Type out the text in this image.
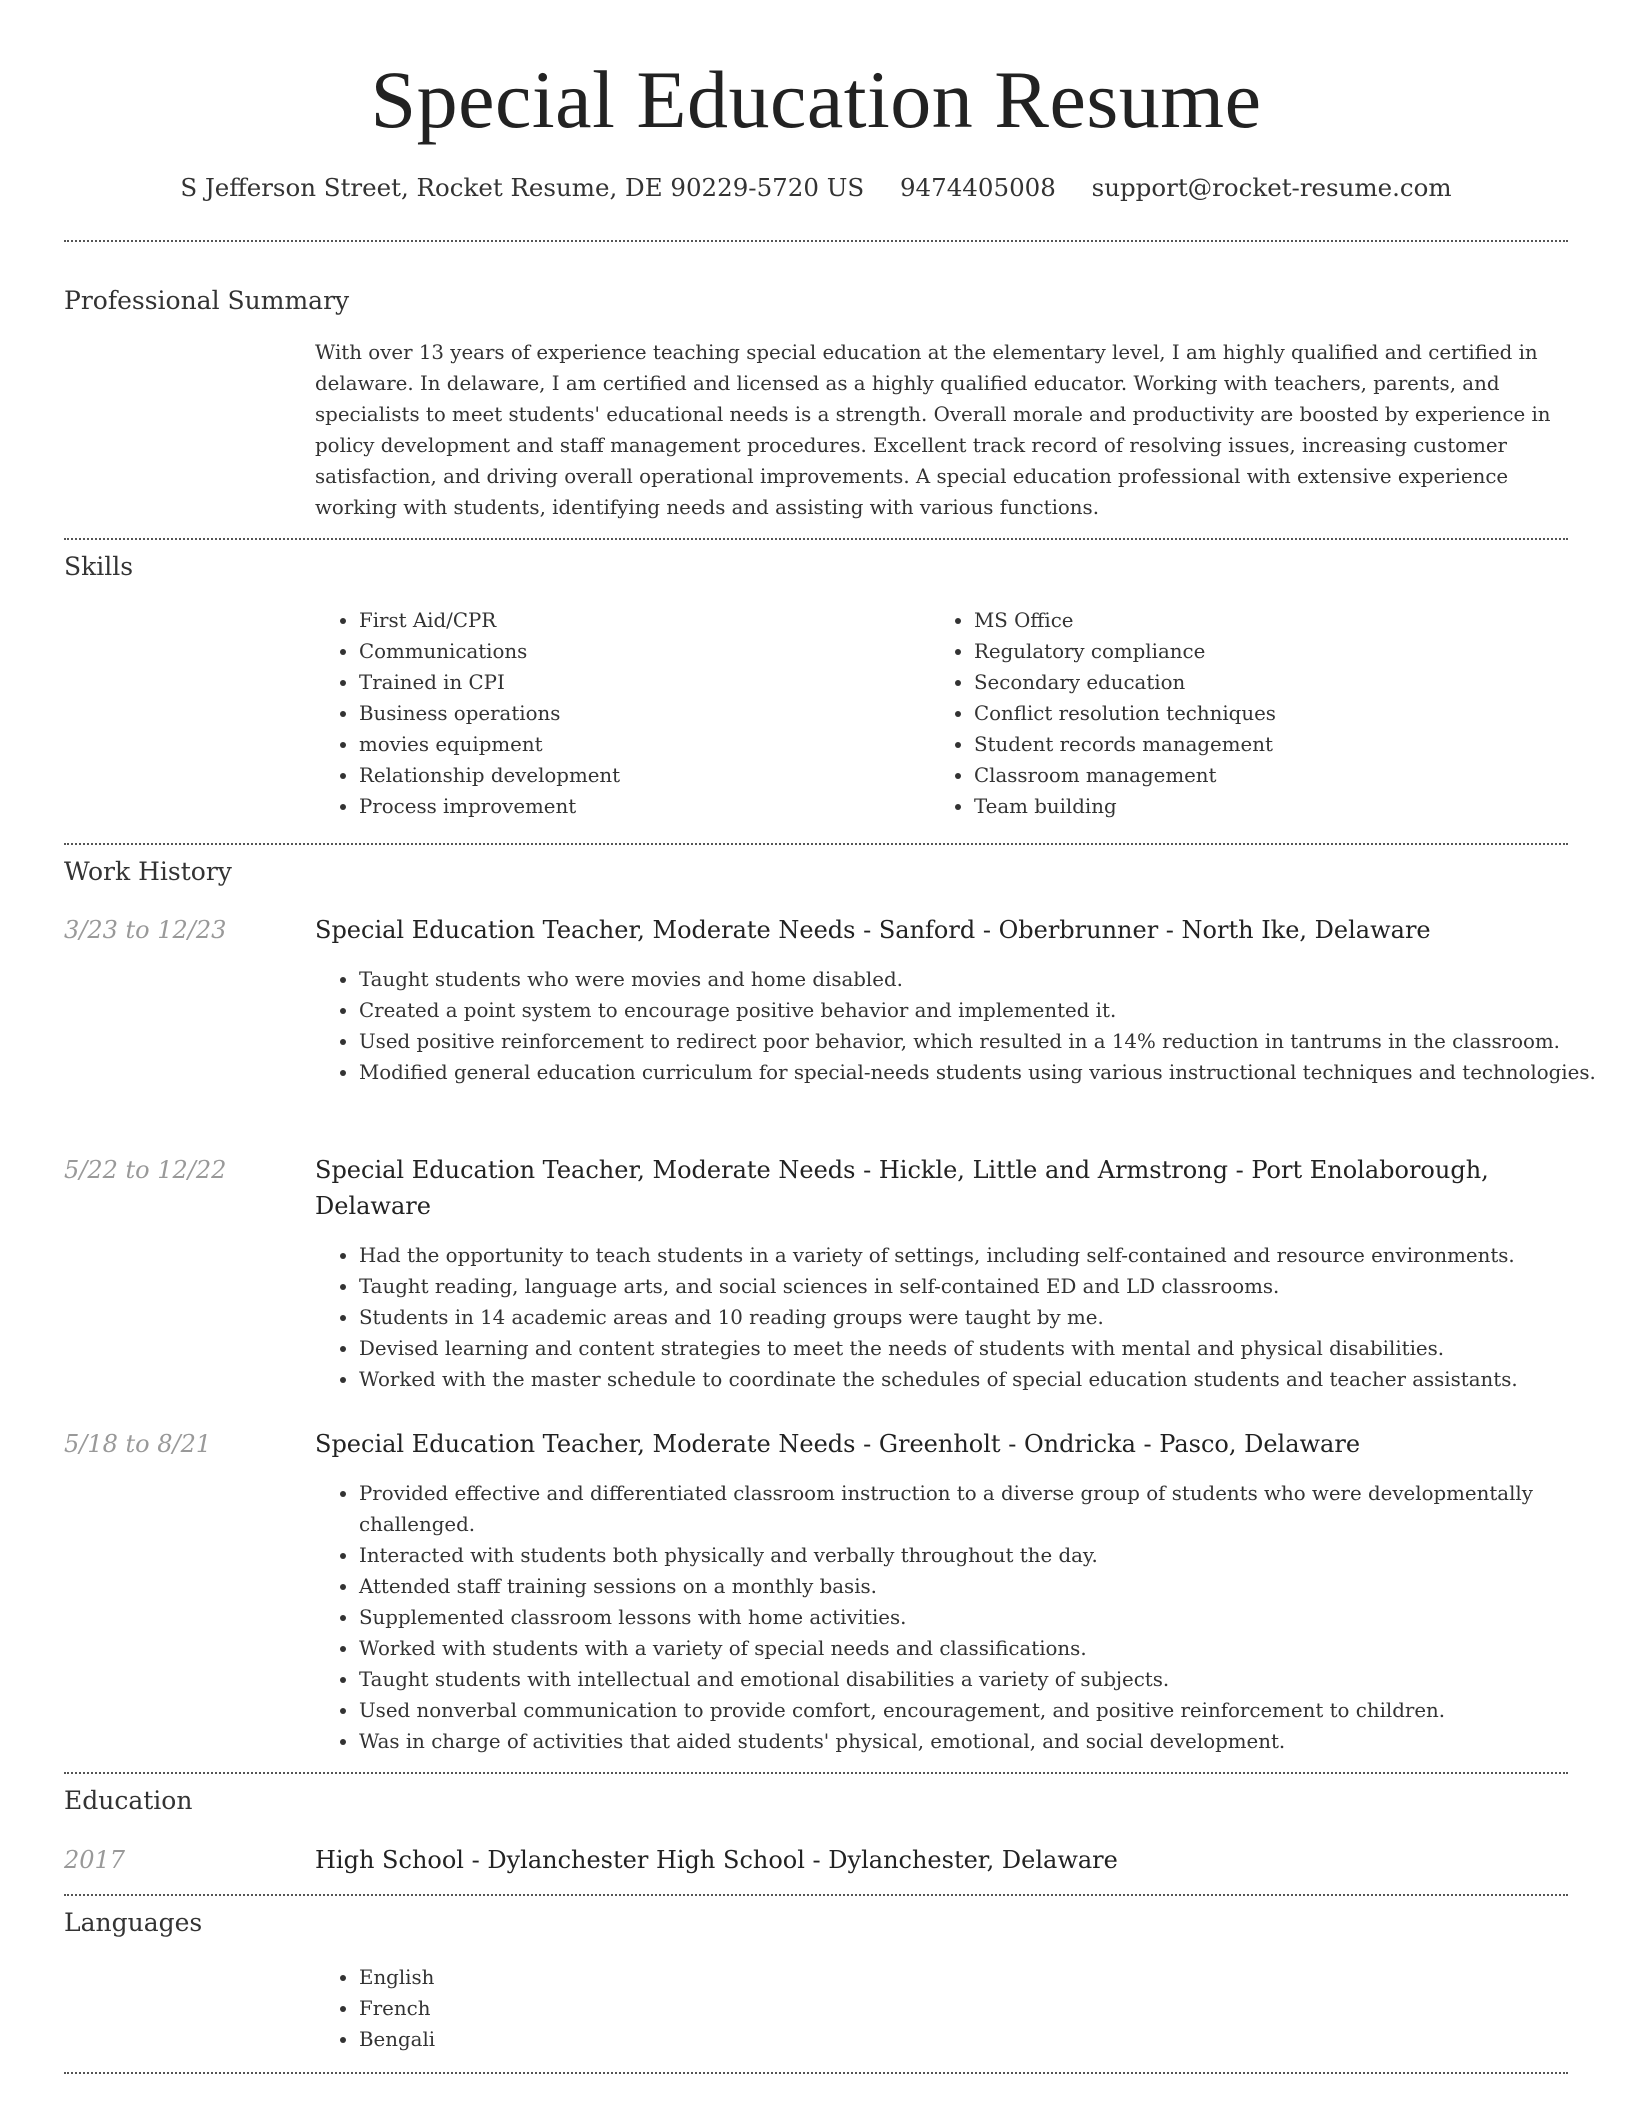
Special Education Resume
S Jefferson Street, Rocket Resume, DE 90229-5720 US 9474405008 support@rocket-resume.com
Professional Summary

With over 13 years of experience teaching special education at the elementary level, I am highly qualified and certified in delaware. In delaware, I am certified and licensed as a highly qualified educator. Working with teachers, parents, and specialists to meet students' educational needs is a strength. Overall morale and productivity are boosted by experience in policy development and staff management procedures. Excellent track record of resolving issues, increasing customer satisfaction, and driving overall operational improvements. A special education professional with extensive experience working with students, identifying needs and assisting with various functions.

Skills
• First Aid/CPR
• Communications
• Trained in CPI
• Business operations
• movies equipment
• Relationship development
• Process improvement
• MS Office
• Regulatory compliance
• Secondary education
• Conflict resolution techniques
• Student records management
• Classroom management
• Team building
Work History
3/23 to 12/23	Special Education Teacher, Moderate Needs - Sanford - Oberbrunner - North Ike, Delaware
• Taught students who were movies and home disabled.
• Created a point system to encourage positive behavior and implemented it.
• Used positive reinforcement to redirect poor behavior, which resulted in a 14% reduction in tantrums in the classroom.
• Modified general education curriculum for special-needs students using various instructional techniques and technologies.
5/22 to 12/22	Special Education Teacher, Moderate Needs - Hickle, Little and Armstrong - Port Enolaborough, Delaware
• Had the opportunity to teach students in a variety of settings, including self-contained and resource environments.
• Taught reading, language arts, and social sciences in self-contained ED and LD classrooms.
• Students in 14 academic areas and 10 reading groups were taught by me.
• Devised learning and content strategies to meet the needs of students with mental and physical disabilities.
• Worked with the master schedule to coordinate the schedules of special education students and teacher assistants.
5/18 to 8/21	Special Education Teacher, Moderate Needs - Greenholt - Ondricka - Pasco, Delaware
• Provided effective and differentiated classroom instruction to a diverse group of students who were developmentally challenged.
• Interacted with students both physically and verbally throughout the day.
• Attended staff training sessions on a monthly basis.
• Supplemented classroom lessons with home activities.
• Worked with students with a variety of special needs and classifications.
• Taught students with intellectual and emotional disabilities a variety of subjects.
• Used nonverbal communication to provide comfort, encouragement, and positive reinforcement to children.
• Was in charge of activities that aided students' physical, emotional, and social development.
Education
2017	High School - Dylanchester High School - Dylanchester, Delaware
Languages
• English
• French
• Bengali
